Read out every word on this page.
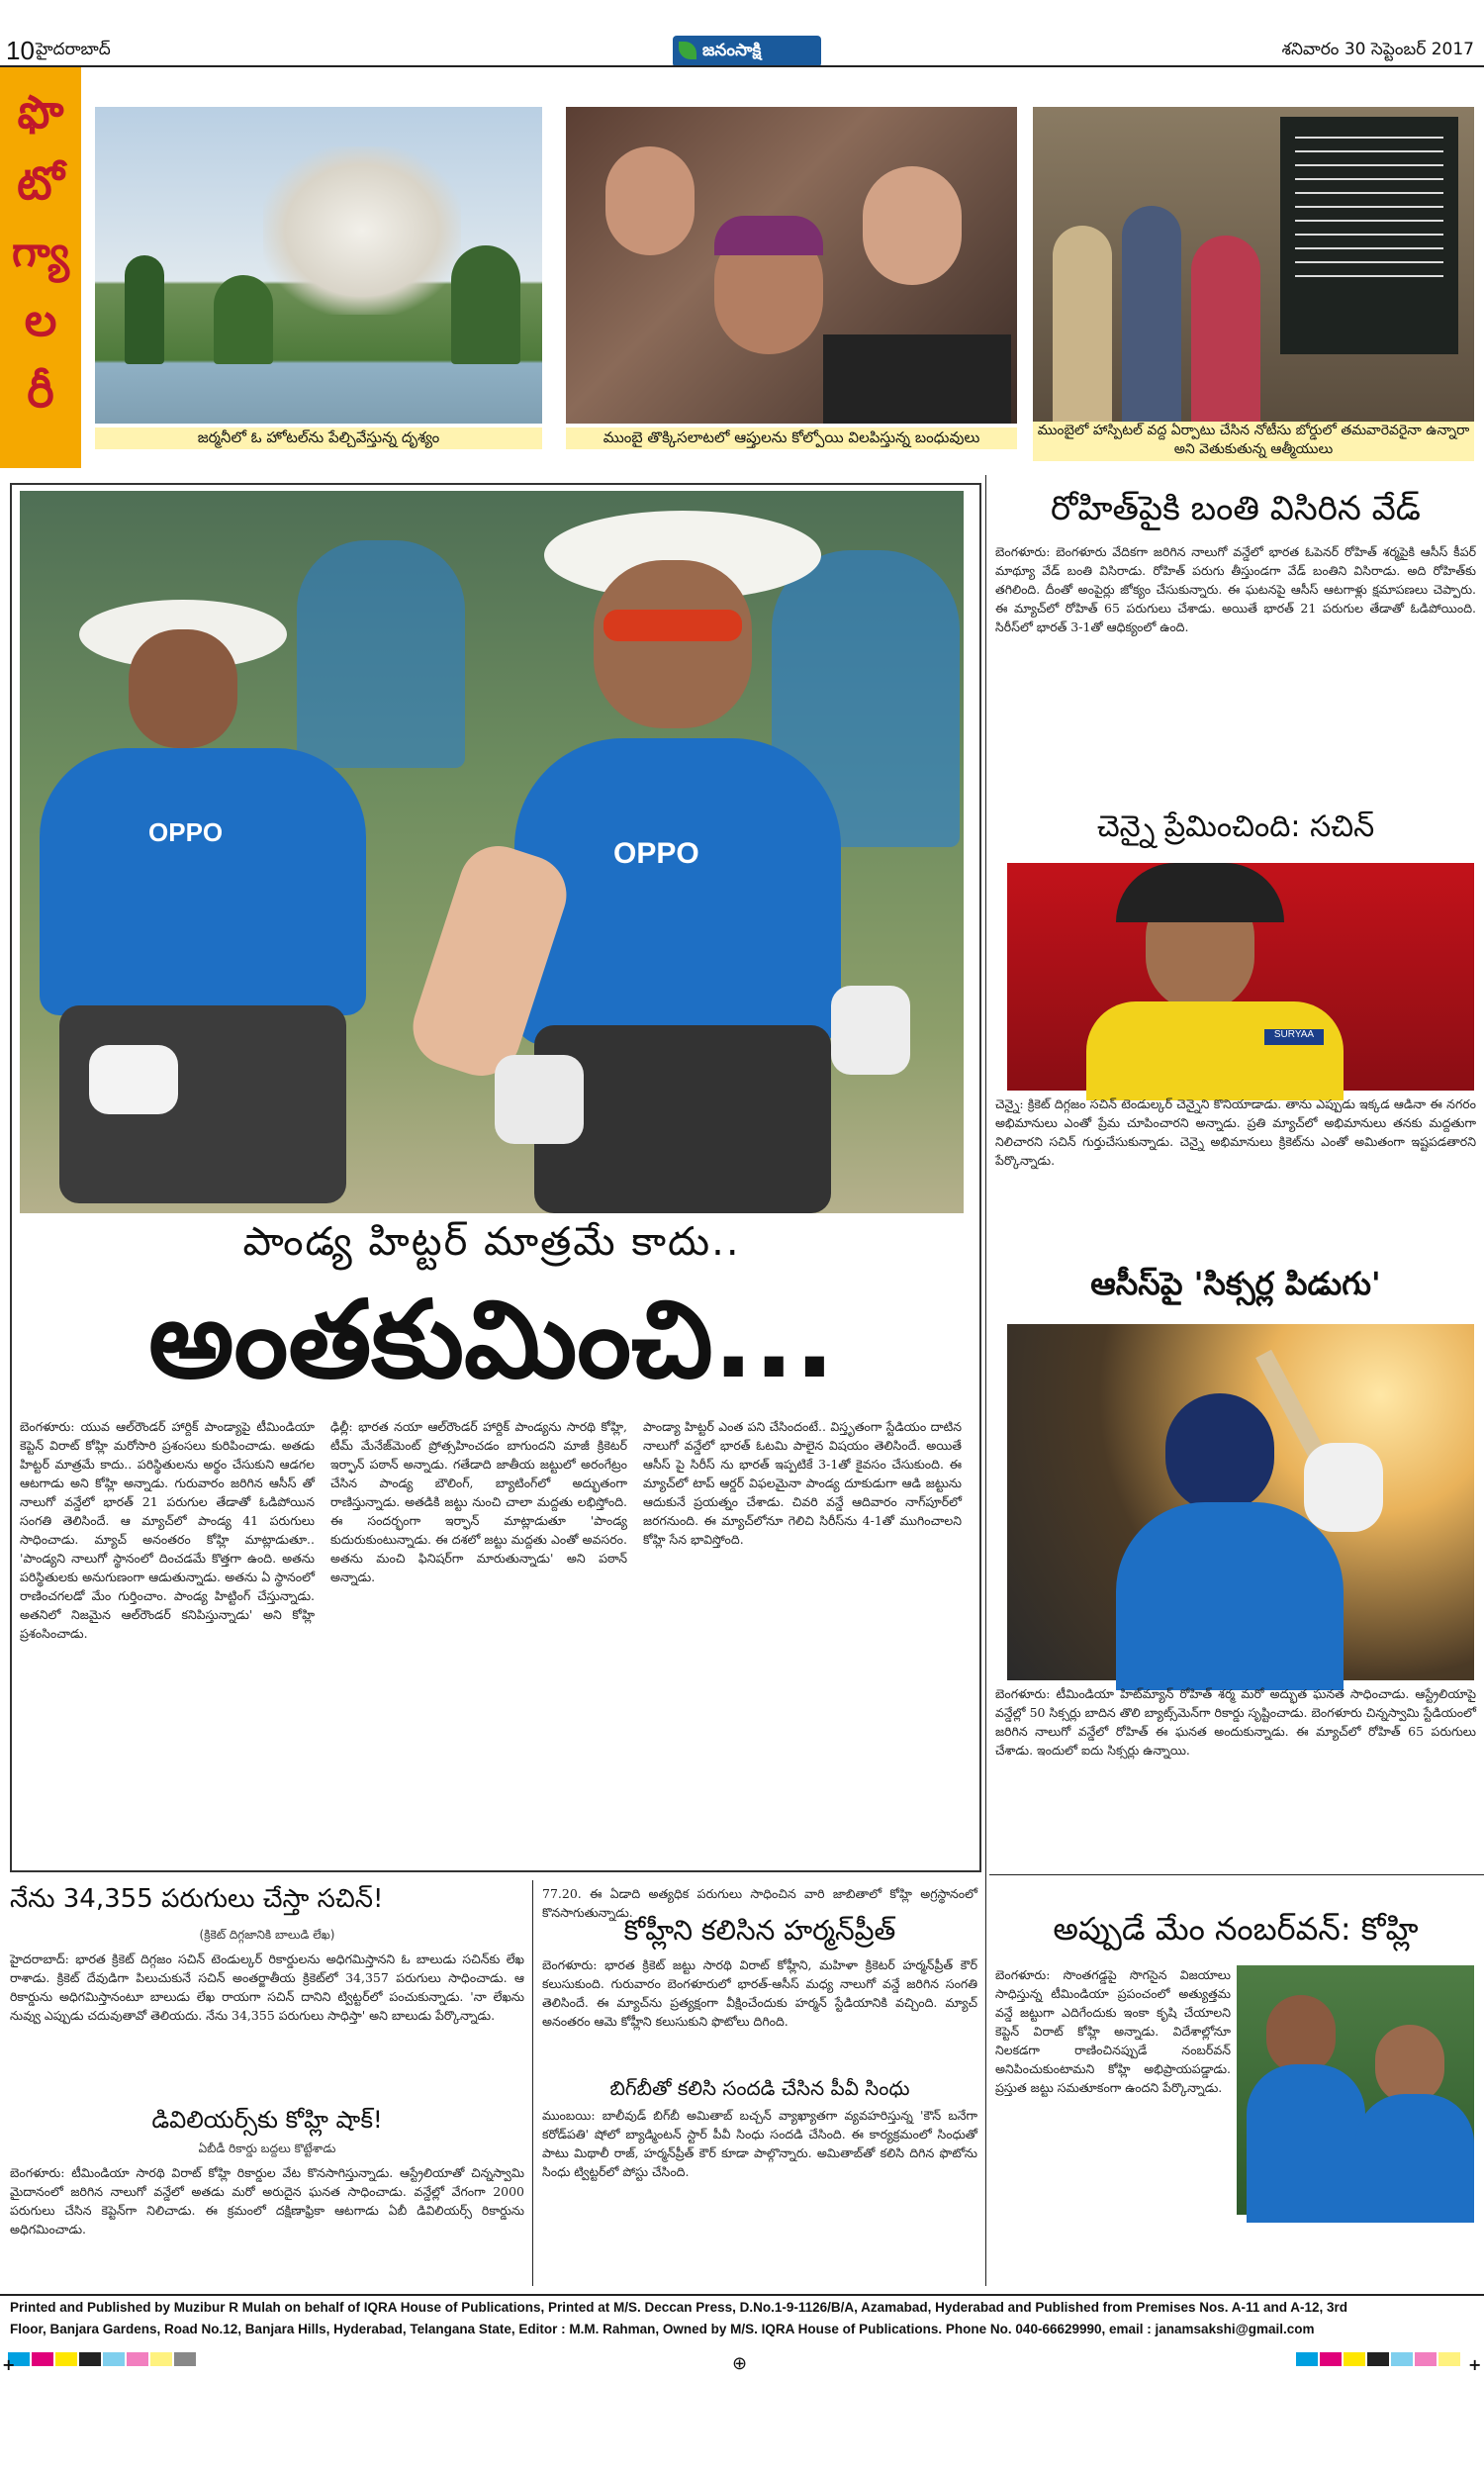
10 హైదరాబాద్	జనంసాక్షి	శనివారం 30 సెప్టెంబర్ 2017
ఫొ
టో
గ్యా
ల
రీ
జర్మనీలో ఓ హోటల్‌ను పేల్చివేస్తున్న దృశ్యం	ముంబై తొక్కిసలాటలో ఆప్తులను కోల్పోయి విలపిస్తున్న బంధువులు	ముంబైలో హాస్పిటల్ వద్ద ఏర్పాటు చేసిన నోటీసు బోర్డులో తమవారెవరైనా ఉన్నారా అని వెతుకుతున్న ఆత్మీయులు
OPPO
OPPO
పాండ్య హిట్టర్ మాత్రమే కాదు..
అంతకుమించి...
బెంగళూరు: యువ ఆల్‌రౌండర్ హార్దిక్ పాండ్యాపై టీమిండియా కెప్టెన్ విరాట్ కోహ్లి మరోసారి ప్రశంసలు కురిపించాడు. అతడు హిట్టర్ మాత్రమే కాదు.. పరిస్థితులను అర్థం చేసుకుని ఆడగల ఆటగాడు అని కోహ్లి అన్నాడు. గురువారం జరిగిన ఆసీస్ తో నాలుగో వన్డేలో భారత్ 21 పరుగుల తేడాతో ఓడిపోయిన సంగతి తెలిసిందే. ఆ మ్యాచ్‌లో పాండ్య 41 పరుగులు సాధించాడు. మ్యాచ్ అనంతరం కోహ్లి మాట్లాడుతూ.. 'పాండ్యని నాలుగో స్థానంలో దించడమే కొత్తగా ఉంది. అతను పరిస్థితులకు అనుగుణంగా ఆడుతున్నాడు. అతను ఏ స్థానంలో రాణించగలడో మేం గుర్తించాం. పాండ్య హిట్టింగ్ చేస్తున్నాడు. అతనిలో నిజమైన ఆల్‌రౌండర్ కనిపిస్తున్నాడు' అని కోహ్లి ప్రశంసించాడు.
ఢిల్లీ: భారత నయా ఆల్‌రౌండర్ హార్దిక్ పాండ్యను సారథి కోహ్లి, టీమ్ మేనేజ్‌మెంట్ ప్రోత్సహించడం బాగుందని మాజీ క్రికెటర్ ఇర్ఫాన్ పఠాన్ అన్నాడు. గతేడాది జాతీయ జట్టులో అరంగేట్రం చేసిన పాండ్య బౌలింగ్, బ్యాటింగ్‌లో అద్భుతంగా రాణిస్తున్నాడు. అతడికి జట్టు నుంచి చాలా మద్దతు లభిస్తోంది. ఈ సందర్భంగా ఇర్ఫాన్ మాట్లాడుతూ 'పాండ్య కుదురుకుంటున్నాడు. ఈ దశలో జట్టు మద్దతు ఎంతో అవసరం. అతను మంచి ఫినిషర్‌గా మారుతున్నాడు' అని పఠాన్ అన్నాడు.
పాండ్యా హిట్టర్ ఎంత పని చేసిందంటే.. విస్తృతంగా స్టేడియం దాటిన నాలుగో వన్డేలో భారత్ ఓటమి పాలైన విషయం తెలిసిందే. అయితే ఆసీస్ పై సిరీస్ ను భారత్ ఇప్పటికే 3-1తో కైవసం చేసుకుంది. ఈ మ్యాచ్‌లో టాప్ ఆర్డర్ విఫలమైనా పాండ్య దూకుడుగా ఆడి జట్టును ఆదుకునే ప్రయత్నం చేశాడు. చివరి వన్డే ఆదివారం నాగ్‌పూర్‌లో జరగనుంది. ఈ మ్యాచ్‌లోనూ గెలిచి సిరీస్‌ను 4-1తో ముగించాలని కోహ్లి సేన భావిస్తోంది.
నేను 34,355 పరుగులు చేస్తా సచిన్!
(క్రికెట్ దిగ్గజానికి బాలుడి లేఖ)
హైదరాబాద్: భారత క్రికెట్ దిగ్గజం సచిన్ టెండుల్కర్ రికార్డులను అధిగమిస్తానని ఓ బాలుడు సచిన్‌కు లేఖ రాశాడు. క్రికెట్ దేవుడిగా పిలుచుకునే సచిన్ అంతర్జాతీయ క్రికెట్‌లో 34,357 పరుగులు సాధించాడు. ఆ రికార్డును అధిగమిస్తానంటూ బాలుడు లేఖ రాయగా సచిన్ దానిని ట్విట్టర్‌లో పంచుకున్నాడు. 'నా లేఖను నువ్వు ఎప్పుడు చదువుతావో తెలియదు. నేను 34,355 పరుగులు సాధిస్తా' అని బాలుడు పేర్కొన్నాడు.
డివిలియర్స్‌కు కోహ్లి షాక్!
ఏబీడీ రికార్డు బద్దలు కొట్టేశాడు
బెంగళూరు: టీమిండియా సారథి విరాట్ కోహ్లి రికార్డుల వేట కొనసాగిస్తున్నాడు. ఆస్ట్రేలియాతో చిన్నస్వామి మైదానంలో జరిగిన నాలుగో వన్డేలో అతడు మరో అరుదైన ఘనత సాధించాడు. వన్డేల్లో వేగంగా 2000 పరుగులు చేసిన కెప్టెన్‌గా నిలిచాడు. ఈ క్రమంలో దక్షిణాఫ్రికా ఆటగాడు ఏబీ డివిలియర్స్ రికార్డును అధిగమించాడు.
77.20. ఈ ఏడాది అత్యధిక పరుగులు సాధించిన వారి జాబితాలో కోహ్లి అగ్రస్థానంలో కొనసాగుతున్నాడు.
కోహ్లీని కలిసిన హర్మన్‌ప్రీత్
బెంగళూరు: భారత క్రికెట్ జట్టు సారథి విరాట్ కోహ్లీని, మహిళా క్రికెటర్ హర్మన్‌ప్రీత్ కౌర్ కలుసుకుంది. గురువారం బెంగళూరులో భారత్-ఆసీస్ మధ్య నాలుగో వన్డే జరిగిన సంగతి తెలిసిందే. ఈ మ్యాచ్‌ను ప్రత్యక్షంగా వీక్షించేందుకు హర్మన్ స్టేడియానికి వచ్చింది. మ్యాచ్ అనంతరం ఆమె కోహ్లీని కలుసుకుని ఫొటోలు దిగింది.
బిగ్‌బీతో కలిసి సందడి చేసిన పీవీ సింధు
ముంబయి: బాలీవుడ్ బిగ్‌బీ అమితాబ్ బచ్చన్ వ్యాఖ్యాతగా వ్యవహరిస్తున్న 'కౌన్ బనేగా కరోడ్‌పతి' షోలో బ్యాడ్మింటన్ స్టార్ పీవీ సింధు సందడి చేసింది. ఈ కార్యక్రమంలో సింధుతో పాటు మిథాలీ రాజ్, హర్మన్‌ప్రీత్ కౌర్ కూడా పాల్గొన్నారు. అమితాబ్‌తో కలిసి దిగిన ఫొటోను సింధు ట్విట్టర్‌లో పోస్టు చేసింది.
రోహిత్‌పైకి బంతి విసిరిన వేడ్
బెంగళూరు: బెంగళూరు వేదికగా జరిగిన నాలుగో వన్డేలో భారత ఓపెనర్ రోహిత్ శర్మపైకి ఆసీస్ కీపర్ మాథ్యూ వేడ్ బంతి విసిరాడు. రోహిత్ పరుగు తీస్తుండగా వేడ్ బంతిని విసిరాడు. అది రోహిత్‌కు తగిలింది. దీంతో అంపైర్లు జోక్యం చేసుకున్నారు. ఈ ఘటనపై ఆసీస్ ఆటగాళ్లు క్షమాపణలు చెప్పారు. ఈ మ్యాచ్‌లో రోహిత్ 65 పరుగులు చేశాడు. అయితే భారత్ 21 పరుగుల తేడాతో ఓడిపోయింది. సిరీస్‌లో భారత్ 3-1తో ఆధిక్యంలో ఉంది.
చెన్నై ప్రేమించింది: సచిన్
SURYAA
చెన్నై: క్రికెట్ దిగ్గజం సచిన్ టెండుల్కర్ చెన్నైని కొనియాడాడు. తాను ఎప్పుడు ఇక్కడ ఆడినా ఈ నగరం అభిమానులు ఎంతో ప్రేమ చూపించారని అన్నాడు. ప్రతి మ్యాచ్‌లో అభిమానులు తనకు మద్దతుగా నిలిచారని సచిన్ గుర్తుచేసుకున్నాడు. చెన్నై అభిమానులు క్రికెట్‌ను ఎంతో అమితంగా ఇష్టపడతారని పేర్కొన్నాడు.
ఆసీస్‌పై 'సిక్సర్ల పిడుగు'
బెంగళూరు: టీమిండియా హిట్‌మ్యాన్ రోహిత్ శర్మ మరో అద్భుత ఘనత సాధించాడు. ఆస్ట్రేలియాపై వన్డేల్లో 50 సిక్సర్లు బాదిన తొలి బ్యాట్స్‌మెన్‌గా రికార్డు సృష్టించాడు. బెంగళూరు చిన్నస్వామి స్టేడియంలో జరిగిన నాలుగో వన్డేలో రోహిత్ ఈ ఘనత అందుకున్నాడు. ఈ మ్యాచ్‌లో రోహిత్ 65 పరుగులు చేశాడు. ఇందులో ఐదు సిక్సర్లు ఉన్నాయి.
అప్పుడే మేం నంబర్‌వన్: కోహ్లి
బెంగళూరు: సొంతగడ్డపై సొగసైన విజయాలు సాధిస్తున్న టీమిండియా ప్రపంచంలో అత్యుత్తమ వన్డే జట్టుగా ఎదిగేందుకు ఇంకా కృషి చేయాలని కెప్టెన్ విరాట్ కోహ్లి అన్నాడు. విదేశాల్లోనూ నిలకడగా రాణించినప్పుడే నంబర్‌వన్ అనిపించుకుంటామని కోహ్లి అభిప్రాయపడ్డాడు. ప్రస్తుత జట్టు సమతూకంగా ఉందని పేర్కొన్నాడు.
Printed and Published by Muzibur R Mulah on behalf of IQRA House of Publications, Printed at M/S. Deccan Press, D.No.1-9-1126/B/A, Azamabad, Hyderabad and Published from Premises Nos. A-11 and A-12, 3rd
Floor, Banjara Gardens, Road No.12, Banjara Hills, Hyderabad, Telangana State, Editor : M.M. Rahman, Owned by M/S. IQRA House of Publications. Phone No. 040-66629990, email : janamsakshi@gmail.com
+	⊕	+
